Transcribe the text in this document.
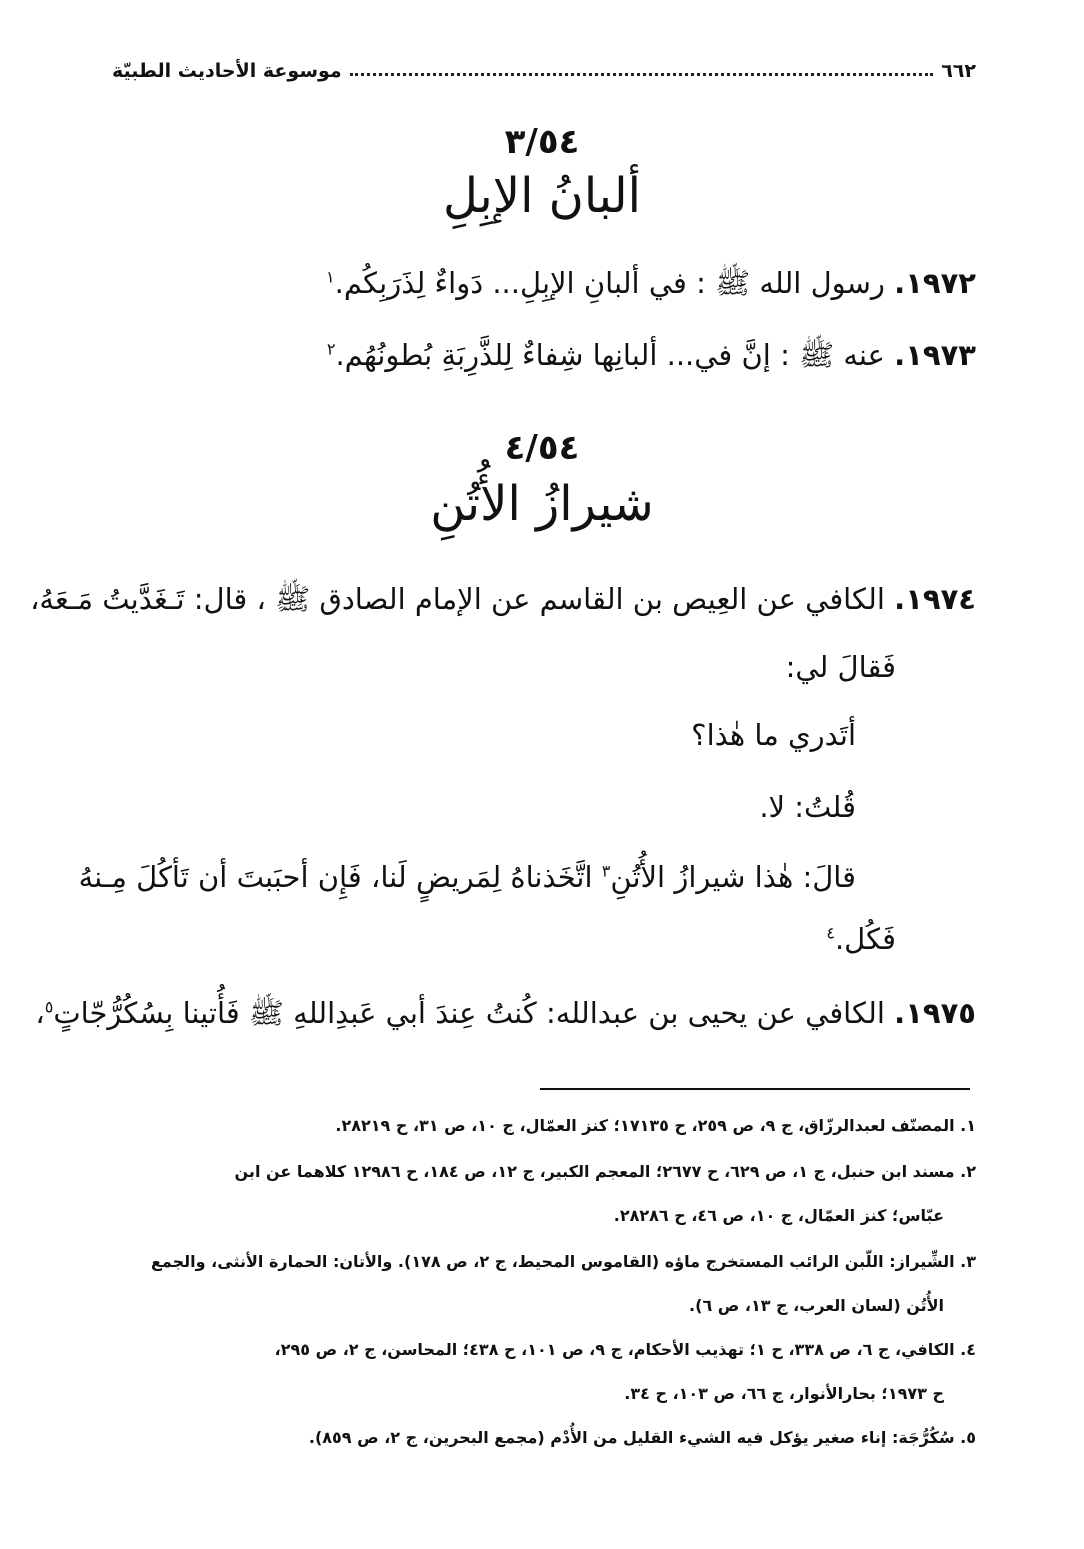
٦٦٢
موسوعة الأحاديث الطبيّة
٣/٥٤
ألبانُ الإبِلِ
١٩٧٢. رسول الله ﷺ : في ألبانِ الإبِلِ... دَواءٌ لِذَرَبِكُم.$^١$
١٩٧٣. عنه ﷺ : إنَّ في... ألبانِها شِفاءٌ لِلذَّرِبَةِ بُطونُهُم.$^٢$
٤/٥٤
شيرازُ الأُتُنِ
١٩٧٤. الكافي عن العِيص بن القاسم عن الإمام الصادق ﷺ ، قال: تَـغَدَّيتُ مَـعَهُ،
فَقالَ لي:
أتَدري ما هٰذا؟
قُلتُ: لا.
قالَ: هٰذا شيرازُ الأُتُنِ$^٣$ اتَّخَذناهُ لِمَريضٍ لَنا، فَإِن أحبَبتَ أن تَأكُلَ مِـنهُ
فَكُل.$^٤$
١٩٧٥. الكافي عن يحيى بن عبدالله: كُنتُ عِندَ أبي عَبدِاللهِ ﷺ فَأُتينا بِسُكُرُّجّاتٍ$^٥$،
١. المصنّف لعبدالرزّاق، ج ٩، ص ٢٥٩، ح ١٧١٣٥؛ كنز العمّال، ج ١٠، ص ٣١، ح ٢٨٢١٩.
٢. مسند ابن حنبل، ج ١، ص ٦٢٩، ح ٢٦٧٧؛ المعجم الكبير، ج ١٢، ص ١٨٤، ح ١٢٩٨٦ كلاهما عن ابن
عبّاس؛ كنز العمّال، ج ١٠، ص ٤٦، ح ٢٨٢٨٦.
٣. الشِّيراز: اللّبن الرائب المستخرج ماؤه (القاموس المحيط، ج ٢، ص ١٧٨). والأتان: الحمارة الأنثى، والجمع
الأُتُن (لسان العرب، ج ١٣، ص ٦).
٤. الكافي، ج ٦، ص ٣٣٨، ح ١؛ تهذيب الأحكام، ج ٩، ص ١٠١، ح ٤٣٨؛ المحاسن، ج ٢، ص ٢٩٥،
ح ١٩٧٣؛ بحارالأنوار، ج ٦٦، ص ١٠٣، ح ٣٤.
٥. سُكُرُّجَة: إناء صغير يؤكل فيه الشيء القليل من الأُدْم (مجمع البحرين، ج ٢، ص ٨٥٩).
